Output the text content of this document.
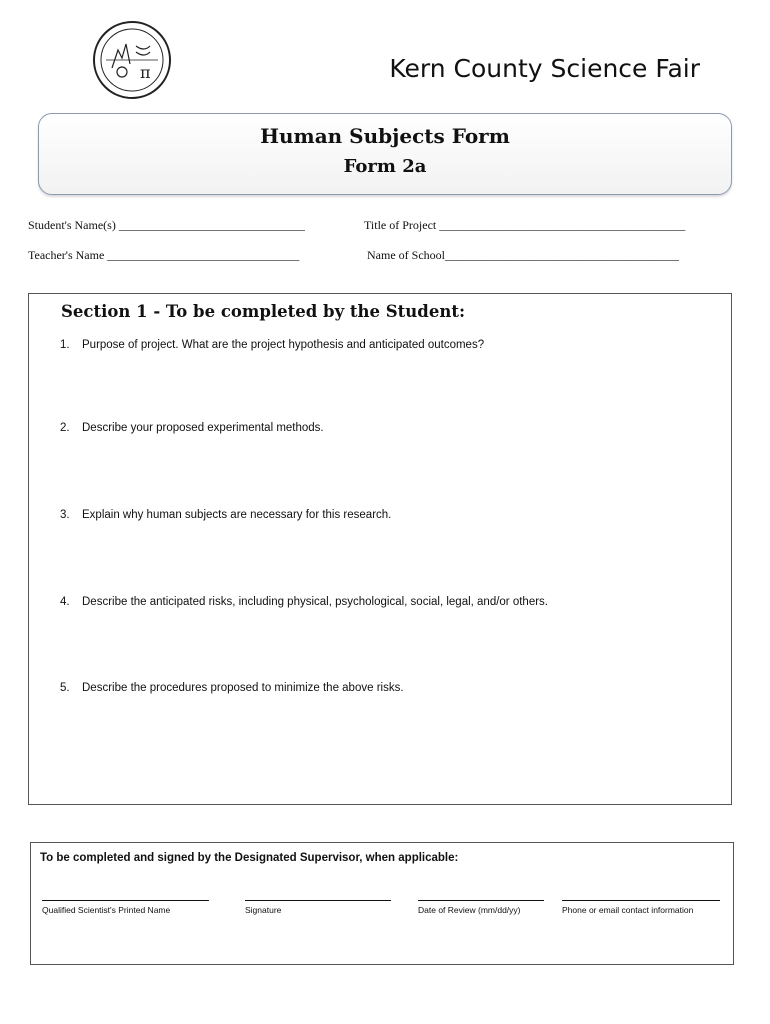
π	Kern County Science Fair
Human Subjects Form
Form 2a
Student's Name(s) _______________________________	Title of Project _________________________________________
Teacher's Name ________________________________	Name of School_______________________________________
Section 1 - To be completed by the Student:
1. Purpose of project. What are the project hypothesis and anticipated outcomes?
2. Describe your proposed experimental methods.
3. Explain why human subjects are necessary for this research.
4. Describe the anticipated risks, including physical, psychological, social, legal, and/or others.
5. Describe the procedures proposed to minimize the above risks.
To be completed and signed by the Designated Supervisor, when applicable:
Qualified Scientist's Printed Name	Signature	Date of Review (mm/dd/yy)	Phone or email contact information
